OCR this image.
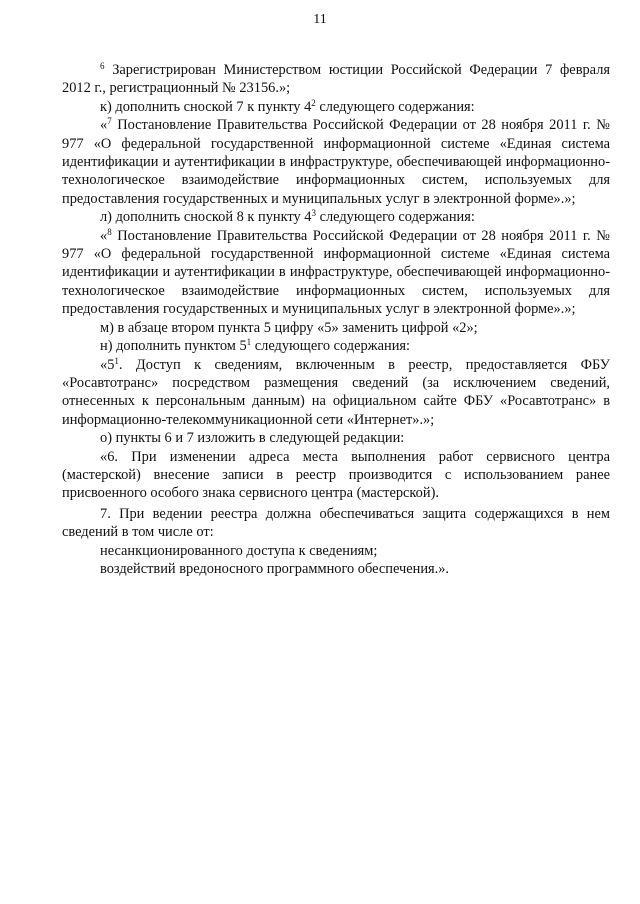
11

$^6$ Зарегистрирован Министерством юстиции Российской Федерации 7 февраля 2012 г., регистрационный № 23156.»;

к) дополнить сноской 7 к пункту $4^2$ следующего содержания:

«$^7$ Постановление Правительства Российской Федерации от 28 ноября 2011 г. № 977 «О федеральной государственной информационной системе «Единая система идентификации и аутентификации в инфраструктуре, обеспечивающей информационно-технологическое взаимодействие информационных систем, используемых для предоставления государственных и муниципальных услуг в электронной форме».»;

л) дополнить сноской 8 к пункту $4^3$ следующего содержания:

«$^8$ Постановление Правительства Российской Федерации от 28 ноября 2011 г. № 977 «О федеральной государственной информационной системе «Единая система идентификации и аутентификации в инфраструктуре, обеспечивающей информационно-технологическое взаимодействие информационных систем, используемых для предоставления государственных и муниципальных услуг в электронной форме».»;

м) в абзаце втором пункта 5 цифру «5» заменить цифрой «2»;

н) дополнить пунктом $5^1$ следующего содержания:

«$5^1$. Доступ к сведениям, включенным в реестр, предоставляется ФБУ «Росавтотранс» посредством размещения сведений (за исключением сведений, отнесенных к персональным данным) на официальном сайте ФБУ «Росавтотранс» в информационно-телекоммуникационной сети «Интернет».»;

о) пункты 6 и 7 изложить в следующей редакции:

«6. При изменении адреса места выполнения работ сервисного центра (мастерской) внесение записи в реестр производится с использованием ранее присвоенного особого знака сервисного центра (мастерской).

7. При ведении реестра должна обеспечиваться защита содержащихся в нем сведений в том числе от:

несанкционированного доступа к сведениям;

воздействий вредоносного программного обеспечения.».
